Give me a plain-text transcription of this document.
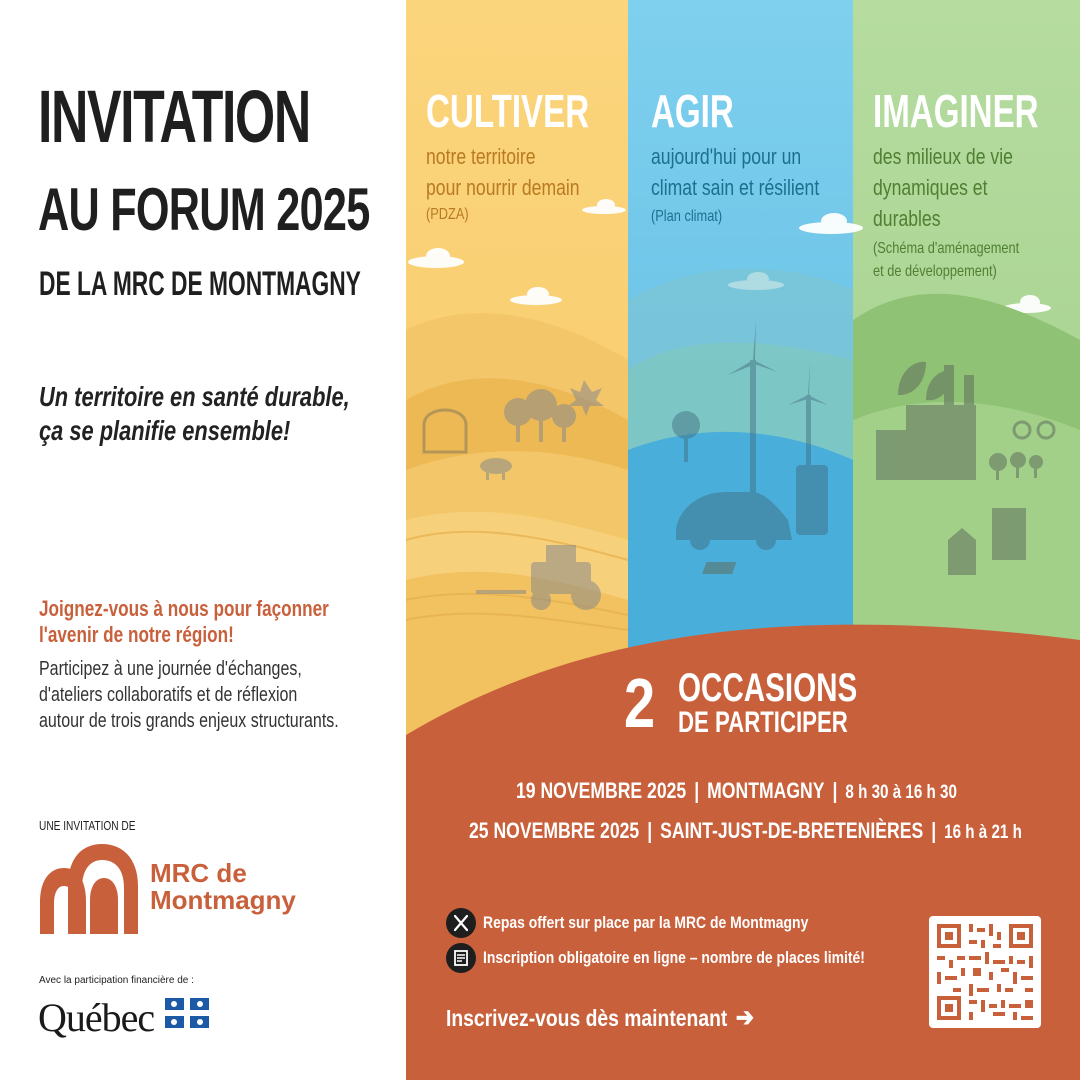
INVITATION
AU FORUM 2025
DE LA MRC DE MONTMAGNY
Un territoire en santé durable,
ça se planifie ensemble!
Joignez-vous à nous pour façonner
l'avenir de notre région!
Participez à une journée d'échanges,
d'ateliers collaboratifs et de réflexion
autour de trois grands enjeux structurants.
UNE INVITATION DE
MRC de
Montmagny
Avec la participation financière de :
Québec
CULTIVER
notre territoire
pour nourrir demain
(PDZA)
AGIR
aujourd'hui pour un
climat sain et résilient
(Plan climat)
IMAGINER
des milieux de vie
dynamiques et
durables
(Schéma d'aménagement
et de développement)
2 OCCASIONS
DE PARTICIPER
19 NOVEMBRE 2025 | MONTMAGNY | 8 h 30 à 16 h 30
25 NOVEMBRE 2025 | SAINT-JUST-DE-BRETENIÈRES | 16 h à 21 h
Repas offert sur place par la MRC de Montmagny
Inscription obligatoire en ligne – nombre de places limité!
Inscrivez-vous dès maintenant ➔
